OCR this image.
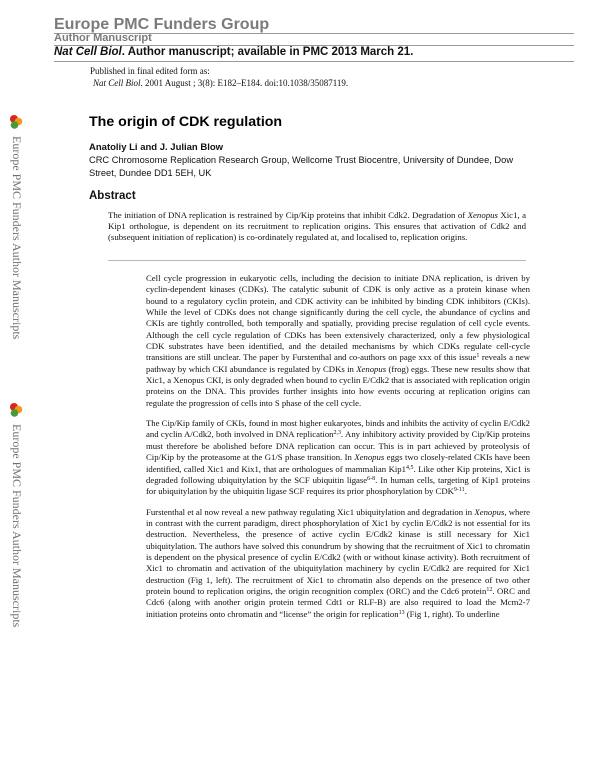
Europe PMC Funders Group
Author Manuscript
Nat Cell Biol. Author manuscript; available in PMC 2013 March 21.
Published in final edited form as:
Nat Cell Biol. 2001 August ; 3(8): E182–E184. doi:10.1038/35087119.
The origin of CDK regulation
Anatoliy Li and J. Julian Blow
CRC Chromosome Replication Research Group, Wellcome Trust Biocentre, University of Dundee, Dow Street, Dundee DD1 5EH, UK
Abstract
The initiation of DNA replication is restrained by Cip/Kip proteins that inhibit Cdk2. Degradation of Xenopus Xic1, a Kip1 orthologue, is dependent on its recruitment to replication origins. This ensures that activation of Cdk2 and (subsequent initiation of replication) is co-ordinately regulated at, and localised to, replication origins.

Cell cycle progression in eukaryotic cells, including the decision to initiate DNA replication, is driven by cyclin-dependent kinases (CDKs). The catalytic subunit of CDK is only active as a protein kinase when bound to a regulatory cyclin protein, and CDK activity can be inhibited by binding CDK inhibitors (CKIs). While the level of CDKs does not change significantly during the cell cycle, the abundance of cyclins and CKIs are tightly controlled, both temporally and spatially, providing precise regulation of cell cycle events. Although the cell cycle regulation of CDKs has been extensively characterized, only a few physiological CDK substrates have been identified, and the detailed mechanisms by which CDKs regulate cell-cycle transitions are still unclear. The paper by Furstenthal and co-authors on page xxx of this issue$^1$ reveals a new pathway by which CKI abundance is regulated by CDKs in Xenopus (frog) eggs. These new results show that Xic1, a Xenopus CKI, is only degraded when bound to cyclin E/Cdk2 that is associated with replication origin proteins on the DNA. This provides further insights into how events occuring at replication origins can regulate the progression of cells into S phase of the cell cycle.

The Cip/Kip family of CKIs, found in most higher eukaryotes, binds and inhibits the activity of cyclin E/Cdk2 and cyclin A/Cdk2, both involved in DNA replication$^{2,3}$. Any inhibitory activity provided by Cip/Kip proteins must therefore be abolished before DNA replication can occur. This is in part achieved by proteolysis of Cip/Kip by the proteasome at the G1/S phase transition. In Xenopus eggs two closely-related CKIs have been identified, called Xic1 and Kix1, that are orthologues of mammalian Kip1$^{4,5}$. Like other Kip proteins, Xic1 is degraded following ubiquitylation by the SCF ubiquitin ligase$^{6-8}$. In human cells, targeting of Kip1 proteins for ubiquitylation by the ubiquitin ligase SCF requires its prior phosphorylation by CDK$^{9-11}$.

Furstenthal et al now reveal a new pathway regulating Xic1 ubiquitylation and degradation in Xenopus, where in contrast with the current paradigm, direct phosphorylation of Xic1 by cyclin E/Cdk2 is not essential for its destruction. Nevertheless, the presence of active cyclin E/Cdk2 kinase is still necessary for Xic1 ubiquitylation. The authors have solved this conundrum by showing that the recruitment of Xic1 to chromatin is dependent on the physical presence of cyclin E/Cdk2 (with or without kinase activity). Both recruitment of Xic1 to chromatin and activation of the ubiquitylation machinery by cyclin E/Cdk2 are required for Xic1 destruction (Fig 1, left). The recruitment of Xic1 to chromatin also depends on the presence of two other protein bound to replication origins, the origin recognition complex (ORC) and the Cdc6 protein$^{12}$. ORC and Cdc6 (along with another origin protein termed Cdt1 or RLF-B) are also required to load the Mcm2-7 initiation proteins onto chromatin and “license” the origin for replication$^{13}$ (Fig 1, right). To underline

Europe PMC Funders Author Manuscripts
Europe PMC Funders Author Manuscripts
